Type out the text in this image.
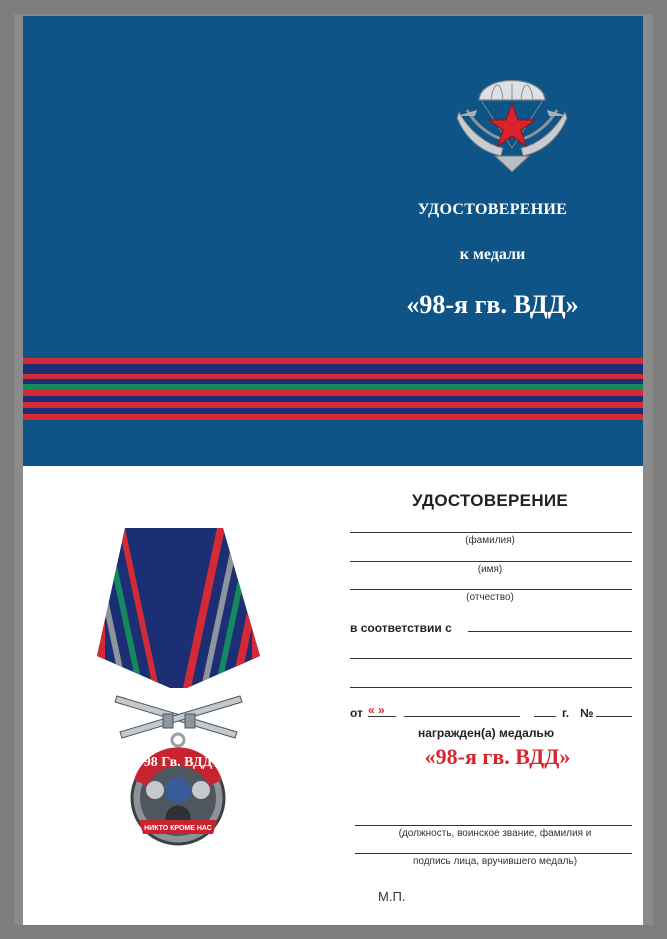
УДОСТОВЕРЕНИЕ
к медали
«98-я гв. ВДД»
98 Гв. ВДД
НИКТО КРОМЕ НАС
УДОСТОВЕРЕНИЕ
(фамилия)
(имя)
(отчество)
в соответствии с
от « »	г. №
награжден(а) медалью
«98-я гв. ВДД»
(должность, воинское звание, фамилия и
подпись лица, вручившего медаль)
М.П.
